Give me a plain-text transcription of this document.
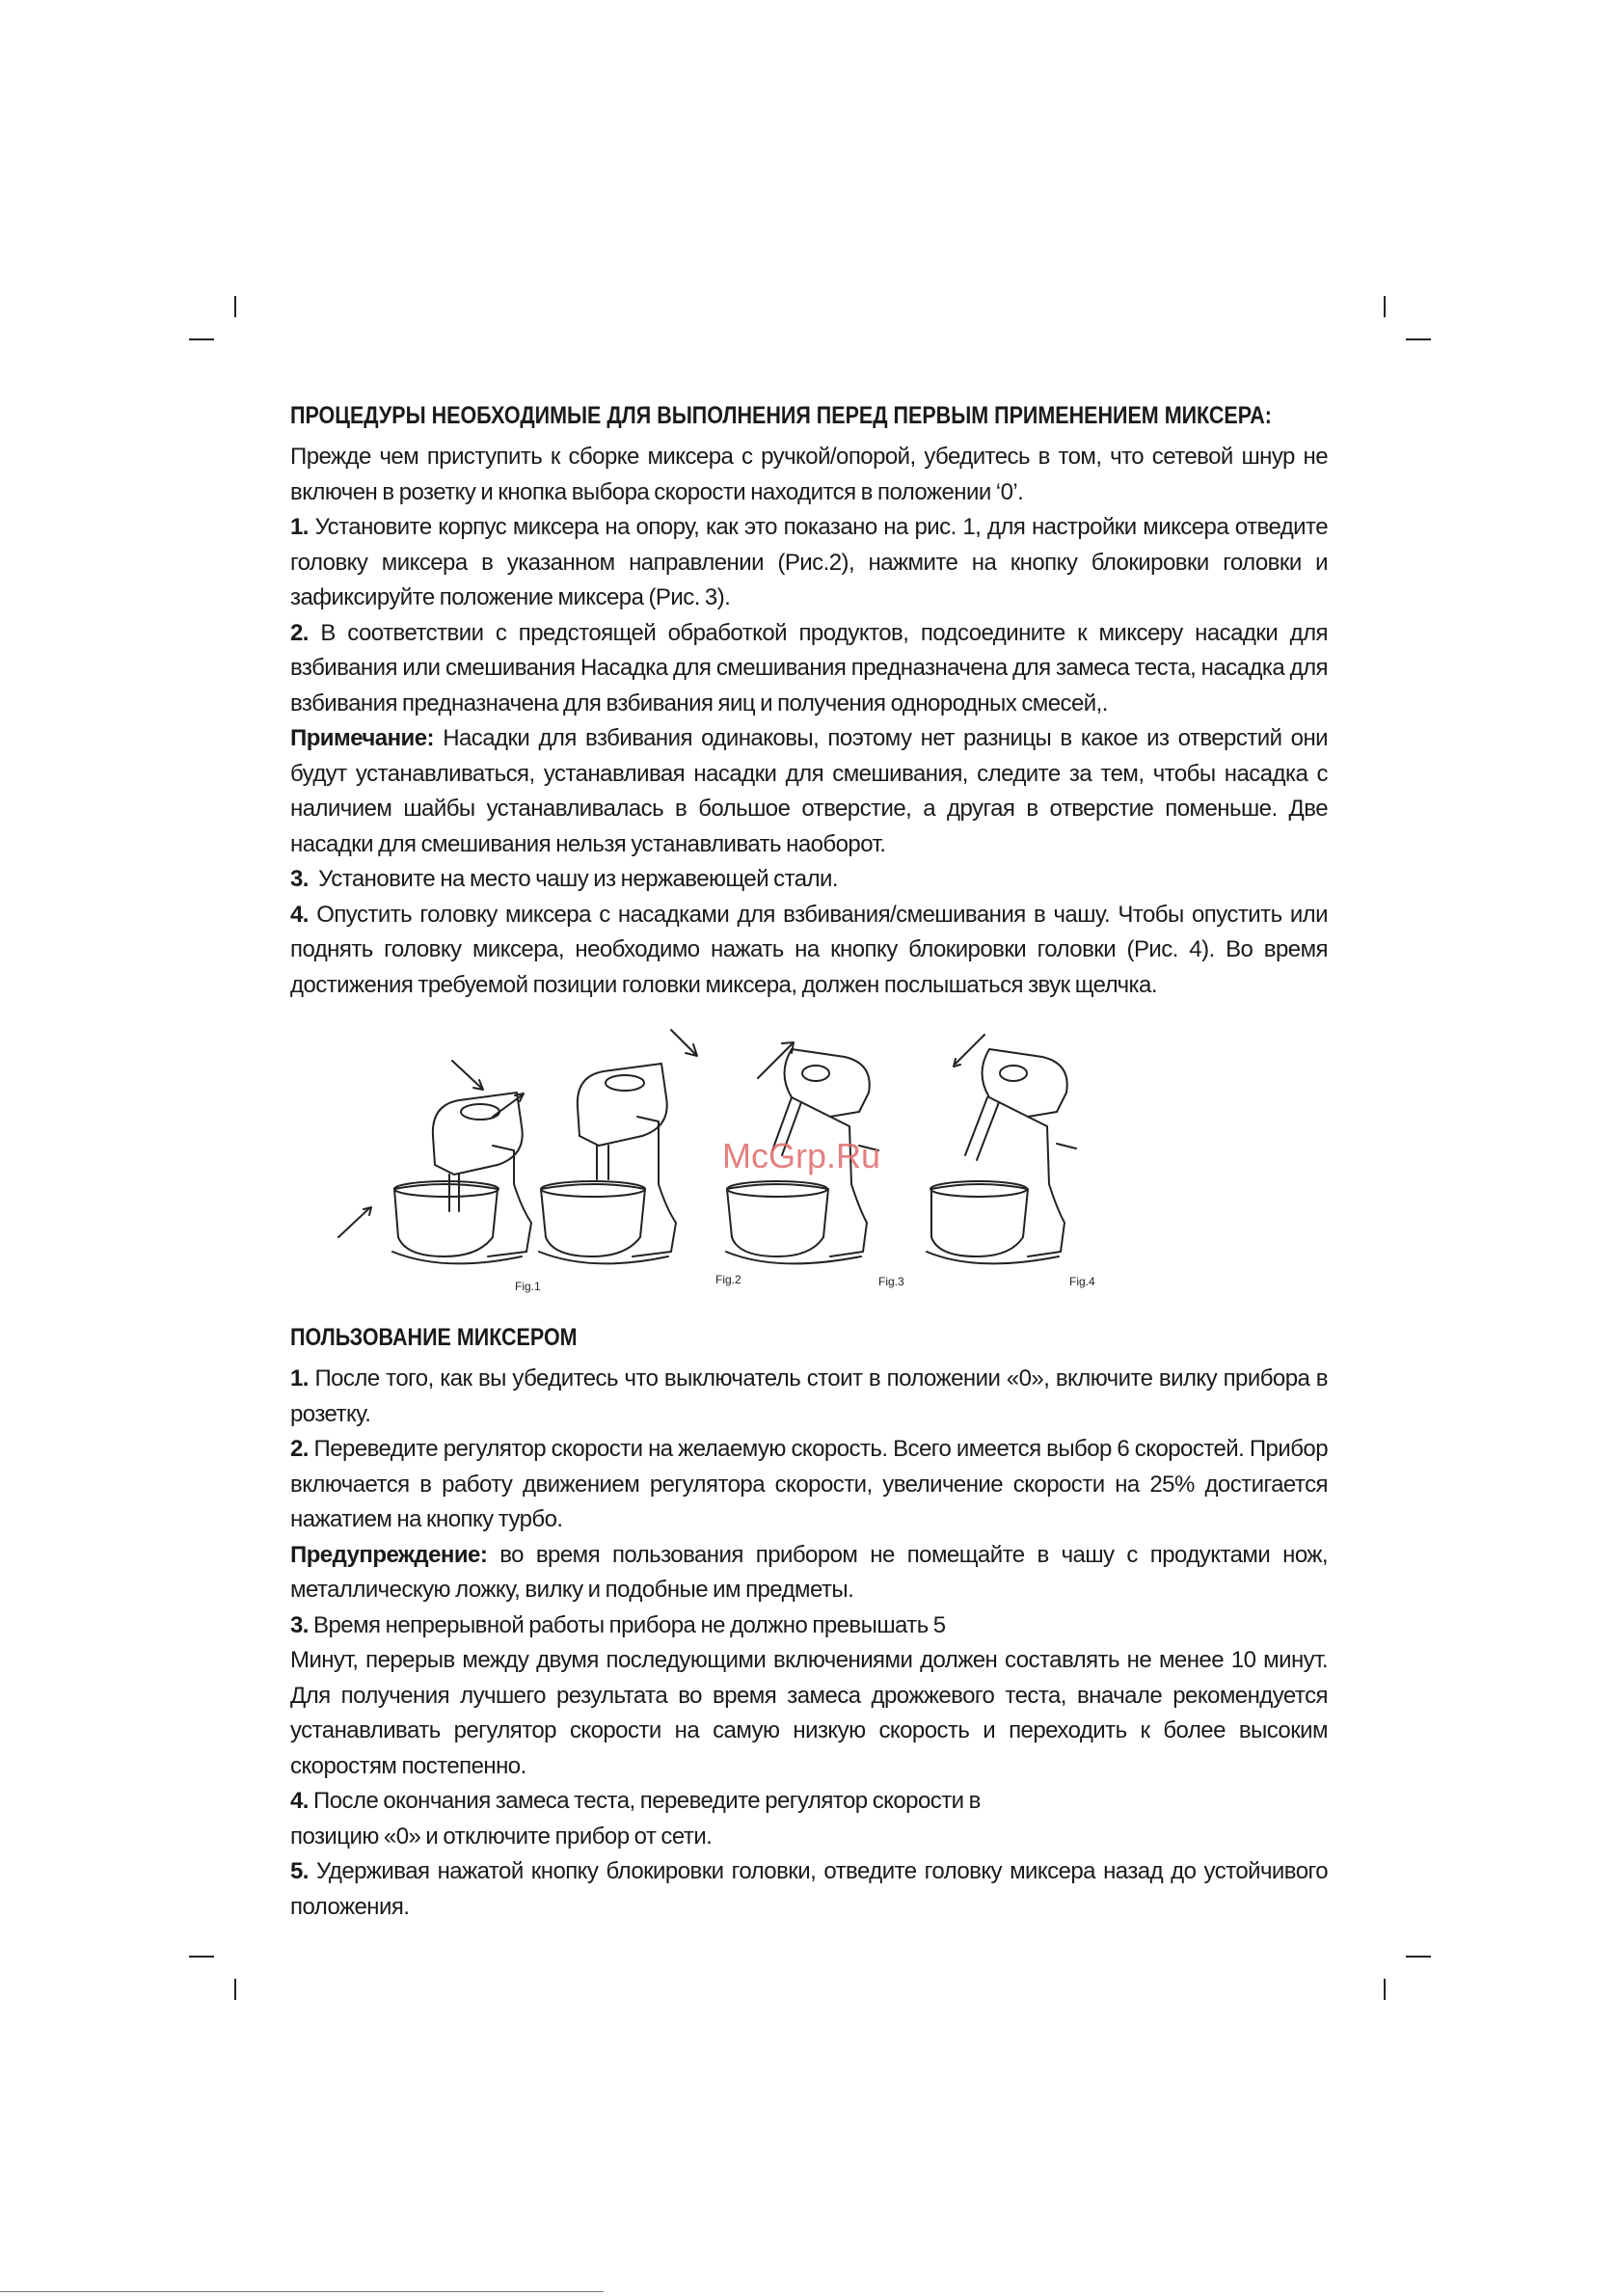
ПРОЦЕДУРЫ НЕОБХОДИМЫЕ ДЛЯ ВЫПОЛНЕНИЯ ПЕРЕД ПЕРВЫМ ПРИМЕНЕНИЕМ МИКСЕРА:

Прежде чем приступить к сборке миксера с ручкой/опорой, убедитесь в том, что сетевой шнур не включен в розетку и кнопка выбора скорости находится в положении ‘0’.

1. Установите корпус миксера на опору, как это показано на рис. 1, для настройки миксера отведите головку миксера в указанном направлении (Рис.2), нажмите на кнопку блокировки головки и зафиксируйте положение миксера (Рис. 3).

2. В соответствии с предстоящей обработкой продуктов, подсоедините к миксеру насадки для взбивания или смешивания Насадка для смешивания предназначена для замеса теста, насадка для взбивания предназначена для взбивания яиц и получения однородных смесей,.

Примечание: Насадки для взбивания одинаковы, поэтому нет разницы в какое из отверстий они будут устанавливаться, устанавливая насадки для смешивания, следите за тем, чтобы насадка с наличием шайбы устанавливалась в большое отверстие, а другая в отверстие поменьше. Две насадки для смешивания нельзя устанавливать наоборот.

3. Установите на место чашу из нержавеющей стали.

4. Опустить головку миксера с насадками для взбивания/смешивания в чашу. Чтобы опустить или поднять головку миксера, необходимо нажать на кнопку блокировки головки (Рис. 4). Во время достижения требуемой позиции головки миксера, должен послышаться звук щелчка.

McGrp.Ru
Fig.1	Fig.2	Fig.3	Fig.4
ПОЛЬЗОВАНИЕ МИКСЕРОМ

1. После того, как вы убедитесь что выключатель стоит в положении «0», включите вилку прибора в розетку.

2. Переведите регулятор скорости на желаемую скорость. Всего имеется выбор 6 скоростей. Прибор включается в работу движением регулятора скорости, увеличение скорости на 25% достигается нажатием на кнопку турбо.

Предупреждение: во время пользования прибором не помещайте в чашу с продуктами нож, металлическую ложку, вилку и подобные им предметы.

3. Время непрерывной работы прибора не должно превышать 5

Минут, перерыв между двумя последующими включениями должен составлять не менее 10 минут. Для получения лучшего результата во время замеса дрожжевого теста, вначале рекомендуется устанавливать регулятор скорости на самую низкую скорость и переходить к более высоким скоростям постепенно.

4. После окончания замеса теста, переведите регулятор скорости в

позицию «0» и отключите прибор от сети.

5. Удерживая нажатой кнопку блокировки головки, отведите головку миксера назад до устойчивого положения.
